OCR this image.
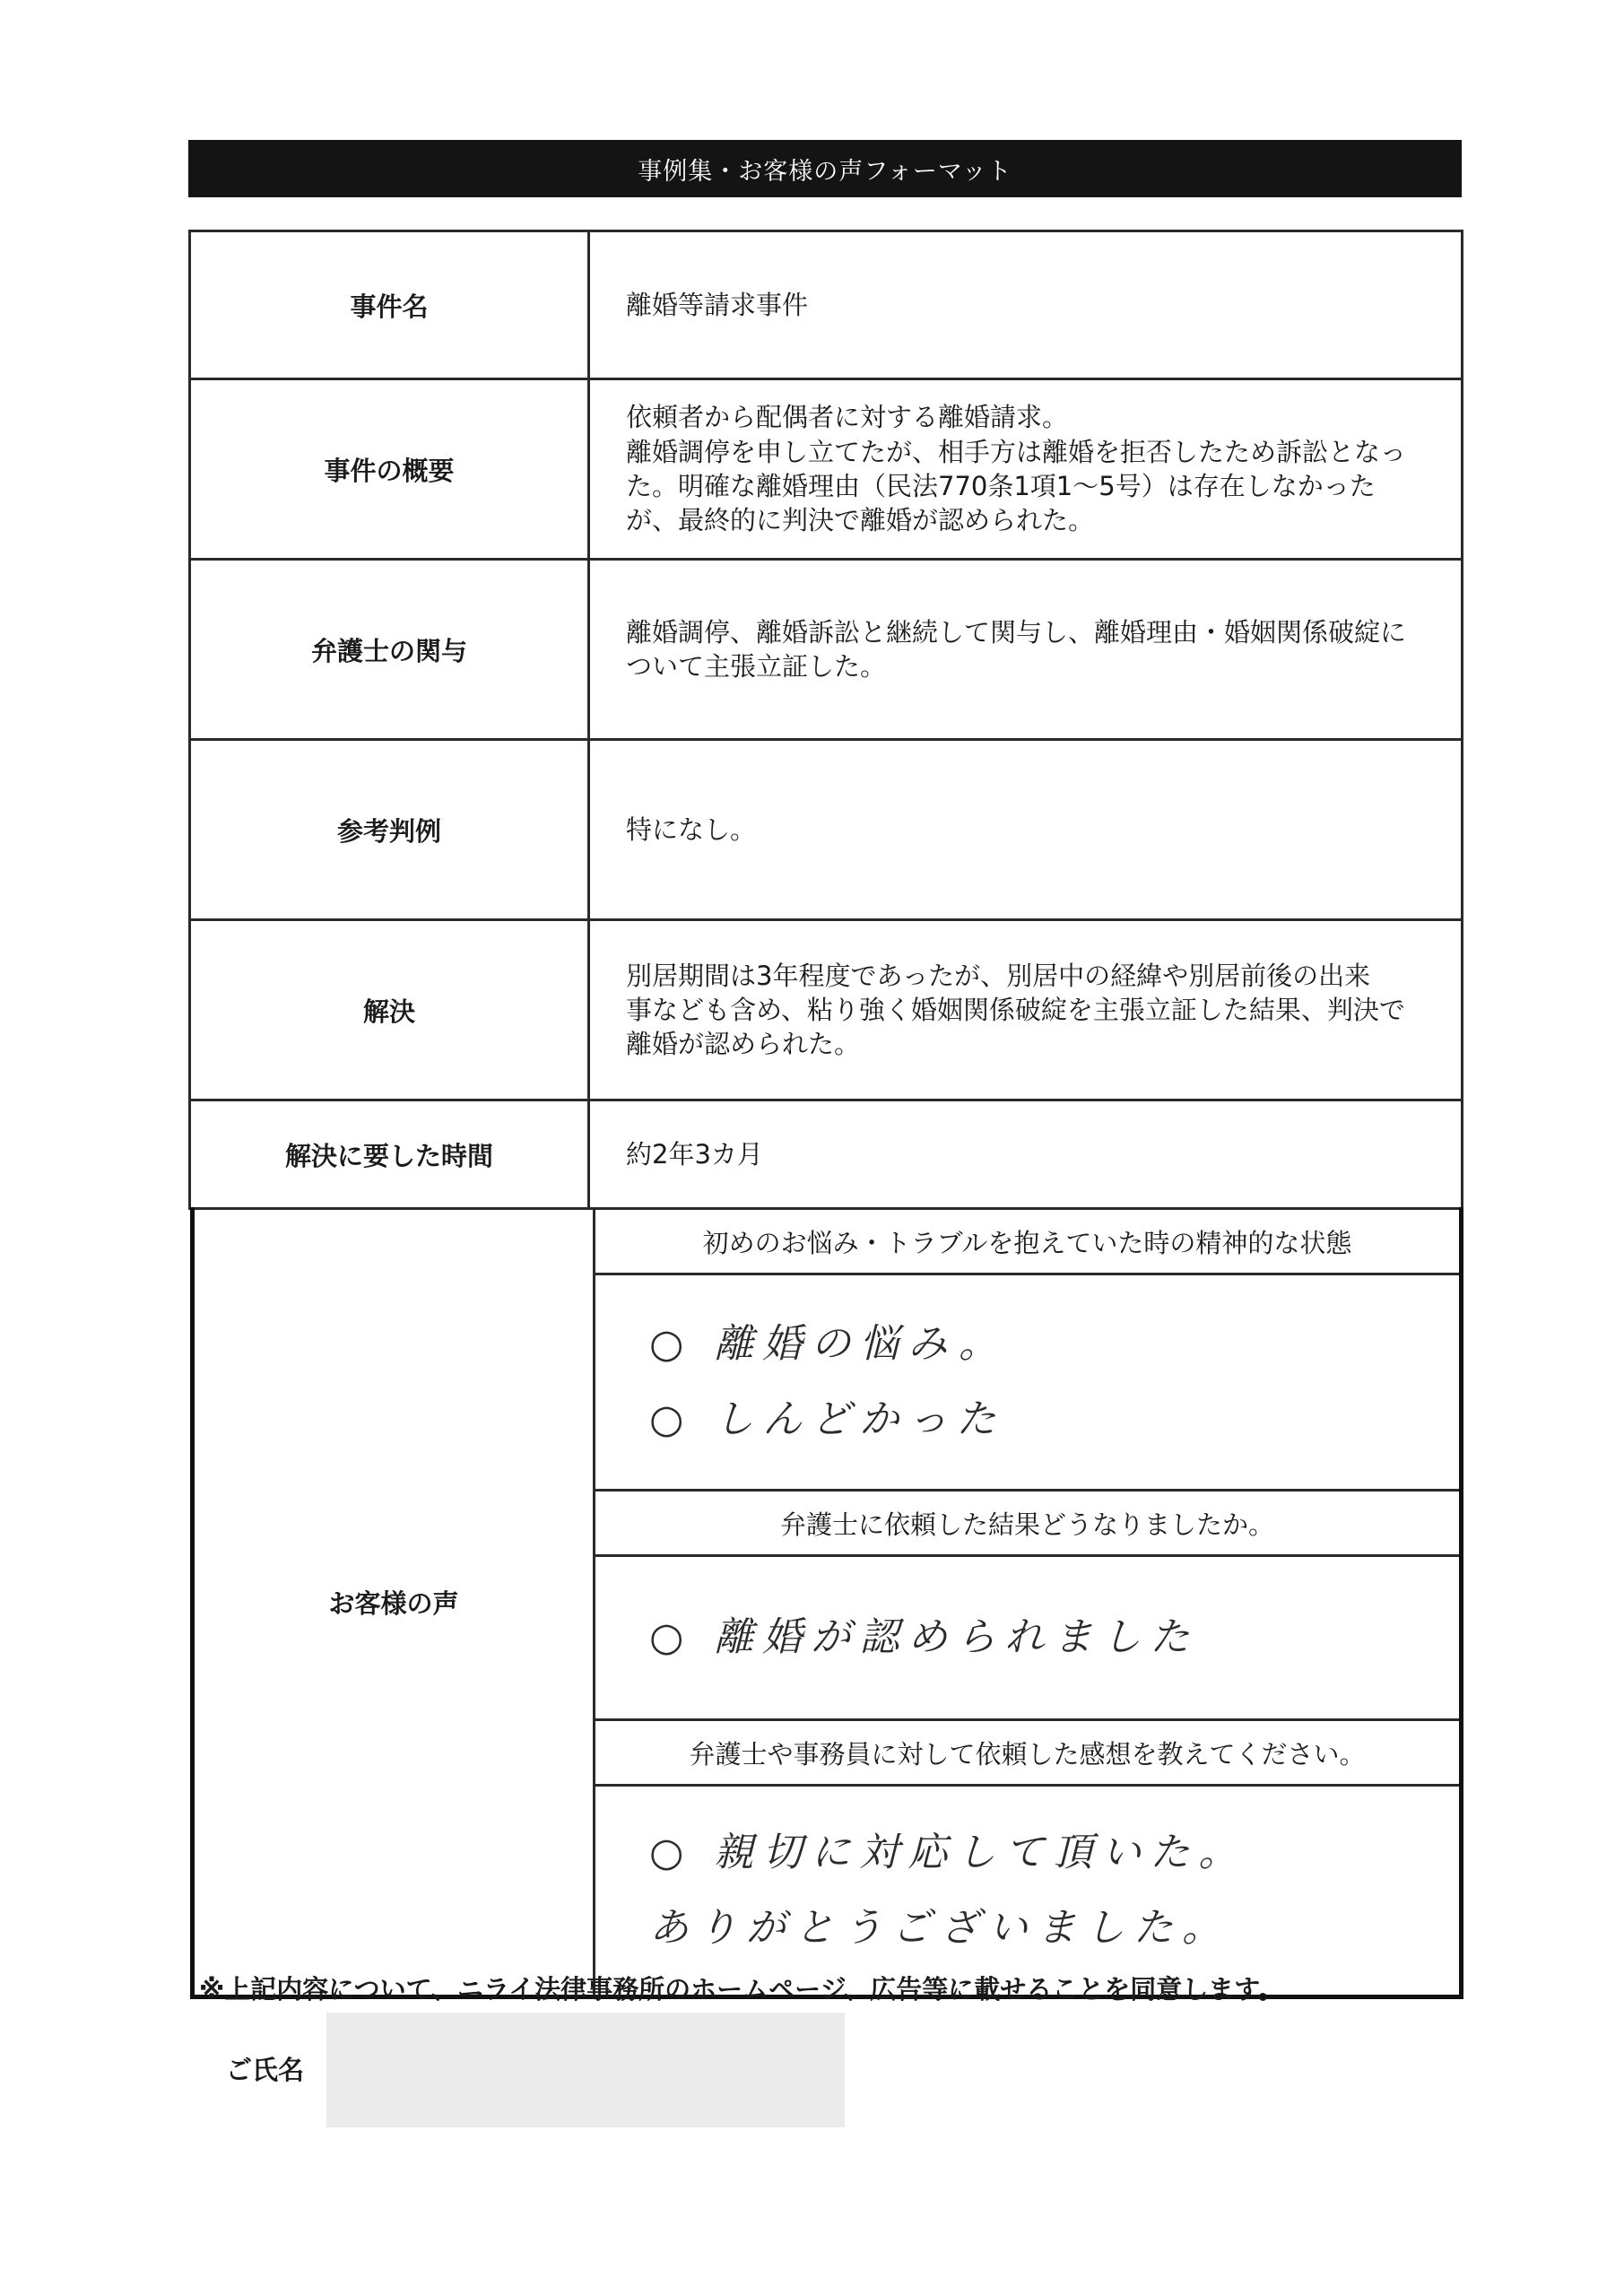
事例集・お客様の声フォーマット
事件名	離婚等請求事件
事件の概要	依頼者から配偶者に対する離婚請求。
離婚調停を申し立てたが、相手方は離婚を拒否したため訴訟となっ
た。明確な離婚理由（民法770条1項1～5号）は存在しなかった
が、最終的に判決で離婚が認められた。

弁護士の関与	離婚調停、離婚訴訟と継続して関与し、離婚理由・婚姻関係破綻に
ついて主張立証した。

参考判例	特になし。
解決	別居期間は3年程度であったが、別居中の経緯や別居前後の出来
事なども含め、粘り強く婚姻関係破綻を主張立証した結果、判決で
離婚が認められた。

解決に要した時間	約2年3カ月
お客様の声	初めのお悩み・トラブルを抱えていた時の精神的な状態

○ 離婚の悩み。
○ しんどかった

弁護士に依頼した結果どうなりましたか。

○ 離婚が認められました

弁護士や事務員に対して依頼した感想を教えてください。

○ 親切に対応して頂いた。
ありがとうございました。
※上記内容について、ニライ法律事務所のホームページ、広告等に載せることを同意します。
ご氏名
